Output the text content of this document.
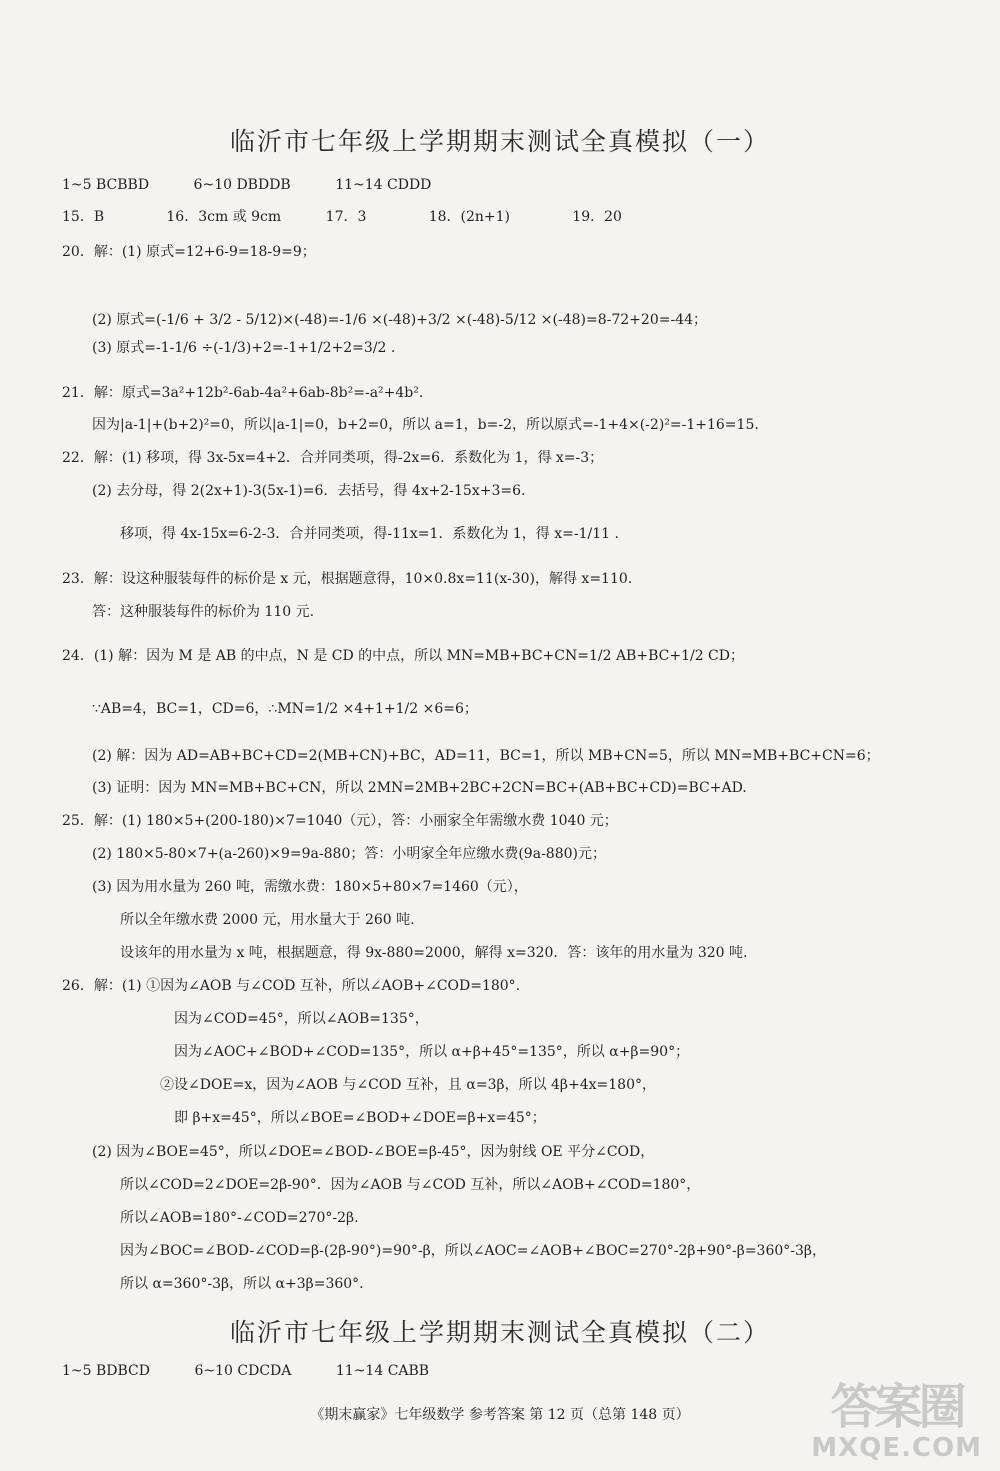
临沂市七年级上学期期末测试全真模拟（一）
1~5 BCBBD          6~10 DBDDB          11~14 CDDD
15．B              16．3cm 或 9cm          17．3              18．(2n+1)              19．20
20．解：(1) 原式=12+6-9=18-9=9；
(2) 原式=(-1/6 + 3/2 - 5/12)×(-48)=-1/6 ×(-48)+3/2 ×(-48)-5/12 ×(-48)=8-72+20=-44；
(3) 原式=-1-1/6 ÷(-1/3)+2=-1+1/2+2=3/2 .
21．解：原式=3a²+12b²-6ab-4a²+6ab-8b²=-a²+4b².
因为|a-1|+(b+2)²=0，所以|a-1|=0，b+2=0，所以 a=1，b=-2，所以原式=-1+4×(-2)²=-1+16=15.
22．解：(1) 移项，得 3x-5x=4+2．合并同类项，得-2x=6．系数化为 1，得 x=-3；
(2) 去分母，得 2(2x+1)-3(5x-1)=6．去括号，得 4x+2-15x+3=6.
移项，得 4x-15x=6-2-3．合并同类项，得-11x=1．系数化为 1，得 x=-1/11 .
23．解：设这种服装每件的标价是 x 元，根据题意得，10×0.8x=11(x-30)，解得 x=110.
答：这种服装每件的标价为 110 元.
24．(1) 解：因为 M 是 AB 的中点，N 是 CD 的中点，所以 MN=MB+BC+CN=1/2 AB+BC+1/2 CD；
∵AB=4，BC=1，CD=6，∴MN=1/2 ×4+1+1/2 ×6=6；
(2) 解：因为 AD=AB+BC+CD=2(MB+CN)+BC，AD=11，BC=1，所以 MB+CN=5，所以 MN=MB+BC+CN=6；
(3) 证明：因为 MN=MB+BC+CN，所以 2MN=2MB+2BC+2CN=BC+(AB+BC+CD)=BC+AD.
25．解：(1) 180×5+(200-180)×7=1040（元），答：小丽家全年需缴水费 1040 元；
(2) 180×5-80×7+(a-260)×9=9a-880；答：小明家全年应缴水费(9a-880)元；
(3) 因为用水量为 260 吨，需缴水费：180×5+80×7=1460（元），
所以全年缴水费 2000 元，用水量大于 260 吨.
设该年的用水量为 x 吨，根据题意，得 9x-880=2000，解得 x=320．答：该年的用水量为 320 吨.
26．解：(1) ①因为∠AOB 与∠COD 互补，所以∠AOB+∠COD=180°.
因为∠COD=45°，所以∠AOB=135°，
因为∠AOC+∠BOD+∠COD=135°，所以 α+β+45°=135°，所以 α+β=90°；
②设∠DOE=x，因为∠AOB 与∠COD 互补，且 α=3β，所以 4β+4x=180°，
即 β+x=45°，所以∠BOE=∠BOD+∠DOE=β+x=45°；
(2) 因为∠BOE=45°，所以∠DOE=∠BOD-∠BOE=β-45°，因为射线 OE 平分∠COD，
所以∠COD=2∠DOE=2β-90°．因为∠AOB 与∠COD 互补，所以∠AOB+∠COD=180°，
所以∠AOB=180°-∠COD=270°-2β.
因为∠BOC=∠BOD-∠COD=β-(2β-90°)=90°-β，所以∠AOC=∠AOB+∠BOC=270°-2β+90°-β=360°-3β，
所以 α=360°-3β，所以 α+3β=360°.
临沂市七年级上学期期末测试全真模拟（二）
1~5 BDBCD          6~10 CDCDA          11~14 CABB
《期末赢家》七年级数学 参考答案 第 12 页（总第 148 页）	答案圈
MXQE.COM
